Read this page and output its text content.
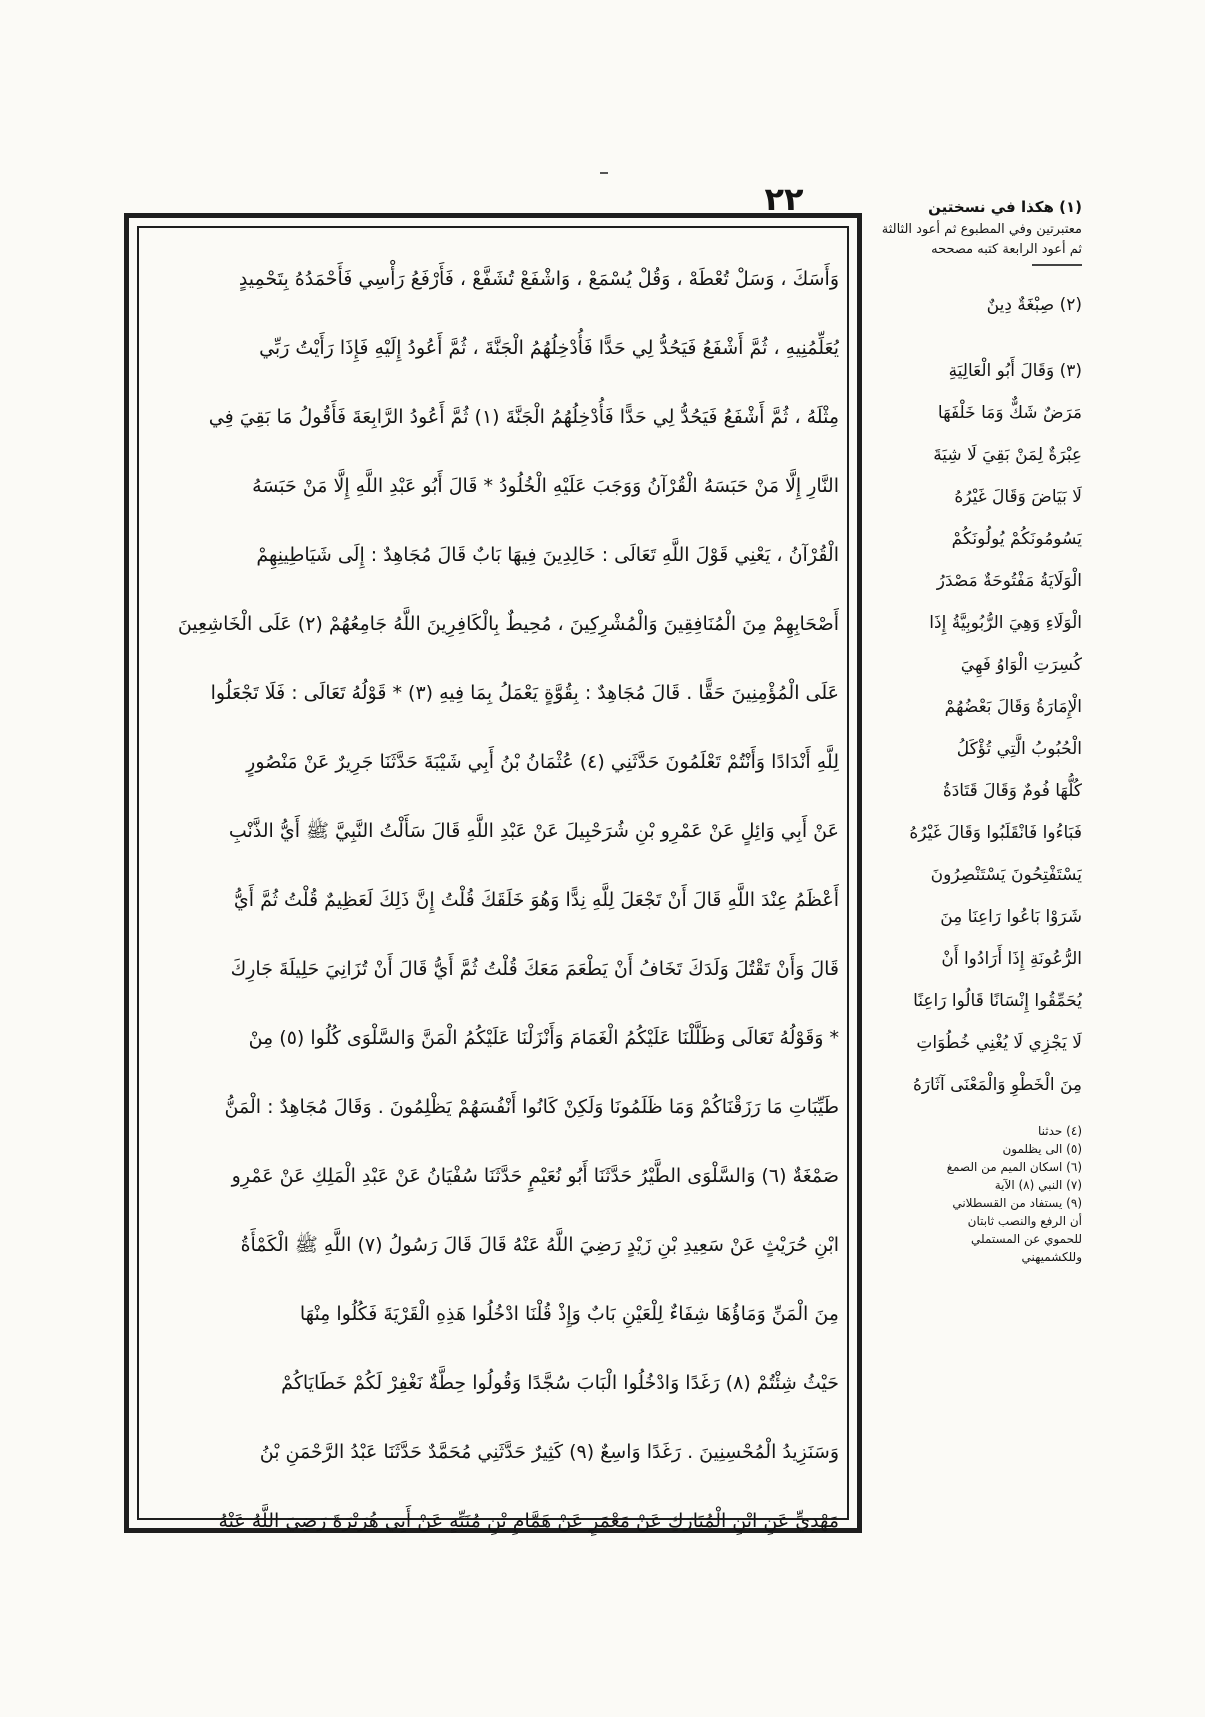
٢٢
وَأَسَكَ ، وَسَلْ تُعْطَهْ ، وَقُلْ يُسْمَعْ ، وَاشْفَعْ تُشَفَّعْ ، فَأَرْفَعُ رَأْسِي فَأَحْمَدُهُ بِتَحْمِيدٍ
يُعَلِّمُنِيهِ ، ثُمَّ أَشْفَعُ فَيَحُدُّ لِي حَدًّا فَأُدْخِلُهُمُ الْجَنَّةَ ، ثُمَّ أَعُودُ إِلَيْهِ فَإِذَا رَأَيْتُ رَبِّي
مِثْلَهُ ، ثُمَّ أَشْفَعُ فَيَحُدُّ لِي حَدًّا فَأُدْخِلُهُمُ الْجَنَّةَ (١) ثُمَّ أَعُودُ الرَّابِعَةَ فَأَقُولُ مَا بَقِيَ فِي
النَّارِ إِلَّا مَنْ حَبَسَهُ الْقُرْآنُ وَوَجَبَ عَلَيْهِ الْخُلُودُ * قَالَ أَبُو عَبْدِ اللَّهِ إِلَّا مَنْ حَبَسَهُ
الْقُرْآنُ ، يَعْنِي قَوْلَ اللَّهِ تَعَالَى : خَالِدِينَ فِيهَا بَابٌ قَالَ مُجَاهِدٌ : إِلَى شَيَاطِينِهِمْ
أَصْحَابِهِمْ مِنَ الْمُنَافِقِينَ وَالْمُشْرِكِينَ ، مُحِيطٌ بِالْكَافِرِينَ اللَّهُ جَامِعُهُمْ (٢) عَلَى الْخَاشِعِينَ
عَلَى الْمُؤْمِنِينَ حَقًّا . قَالَ مُجَاهِدٌ : بِقُوَّةٍ يَعْمَلُ بِمَا فِيهِ (٣) * قَوْلُهُ تَعَالَى : فَلَا تَجْعَلُوا
لِلَّهِ أَنْدَادًا وَأَنْتُمْ تَعْلَمُونَ حَدَّثَنِي (٤) عُثْمَانُ بْنُ أَبِي شَيْبَةَ حَدَّثَنَا جَرِيرٌ عَنْ مَنْصُورٍ
عَنْ أَبِي وَائِلٍ عَنْ عَمْرِو بْنِ شُرَحْبِيلَ عَنْ عَبْدِ اللَّهِ قَالَ سَأَلْتُ النَّبِيَّ ﷺ أَيُّ الذَّنْبِ
أَعْظَمُ عِنْدَ اللَّهِ قَالَ أَنْ تَجْعَلَ لِلَّهِ نِدًّا وَهُوَ خَلَقَكَ قُلْتُ إِنَّ ذَلِكَ لَعَظِيمٌ قُلْتُ ثُمَّ أَيُّ
قَالَ وَأَنْ تَقْتُلَ وَلَدَكَ تَخَافُ أَنْ يَطْعَمَ مَعَكَ قُلْتُ ثُمَّ أَيُّ قَالَ أَنْ تُزَانِيَ حَلِيلَةَ جَارِكَ
* وَقَوْلُهُ تَعَالَى وَظَلَّلْنَا عَلَيْكُمُ الْغَمَامَ وَأَنْزَلْنَا عَلَيْكُمُ الْمَنَّ وَالسَّلْوَى كُلُوا (٥) مِنْ
طَيِّبَاتِ مَا رَزَقْنَاكُمْ وَمَا ظَلَمُونَا وَلَكِنْ كَانُوا أَنْفُسَهُمْ يَظْلِمُونَ . وَقَالَ مُجَاهِدٌ : الْمَنُّ
صَمْغَةٌ (٦) وَالسَّلْوَى الطَّيْرُ حَدَّثَنَا أَبُو نُعَيْمٍ حَدَّثَنَا سُفْيَانُ عَنْ عَبْدِ الْمَلِكِ عَنْ عَمْرِو
ابْنِ حُرَيْثٍ عَنْ سَعِيدِ بْنِ زَيْدٍ رَضِيَ اللَّهُ عَنْهُ قَالَ قَالَ رَسُولُ (٧) اللَّهِ ﷺ الْكَمْأَةُ
مِنَ الْمَنِّ وَمَاؤُهَا شِفَاءٌ لِلْعَيْنِ بَابٌ وَإِذْ قُلْنَا ادْخُلُوا هَذِهِ الْقَرْيَةَ فَكُلُوا مِنْهَا
حَيْثُ شِئْتُمْ (٨) رَغَدًا وَادْخُلُوا الْبَابَ سُجَّدًا وَقُولُوا حِطَّةٌ نَغْفِرْ لَكُمْ خَطَايَاكُمْ
وَسَنَزِيدُ الْمُحْسِنِينَ . رَغَدًا وَاسِعٌ (٩) كَثِيرٌ حَدَّثَنِي مُحَمَّدٌ حَدَّثَنَا عَبْدُ الرَّحْمَنِ بْنُ
مَهْدِيٍّ عَنِ ابْنِ الْمُبَارَكِ عَنْ مَعْمَرٍ عَنْ هَمَّامِ بْنِ مُنَبِّهٍ عَنْ أَبِي هُرَيْرَةَ رَضِيَ اللَّهُ عَنْهُ
(١) هكذا في نسختين
معتبرتين وفي المطبوع ثم أعود الثالثة ثم أعود الرابعة كتبه مصححه
(٢) صِبْغَةٌ دِينٌ
(٣) وَقَالَ أَبُو الْعَالِيَةِ
مَرَضٌ شَكٌّ وَمَا خَلْفَهَا
عِبْرَةٌ لِمَنْ بَقِيَ لَا شِيَةَ
لَا بَيَاضَ وَقَالَ غَيْرُهُ
يَسُومُونَكُمْ يُولُونَكُمْ
الْوَلَايَةُ مَفْتُوحَةٌ مَصْدَرُ
الْوَلَاءِ وَهِيَ الرُّبُوبِيَّةُ إِذَا
كُسِرَتِ الْوَاوُ فَهِيَ
الْإِمَارَةُ وَقَالَ بَعْضُهُمْ
الْحُبُوبُ الَّتِي تُؤْكَلُ
كُلُّهَا فُومٌ وَقَالَ قَتَادَةُ
فَبَاءُوا فَانْقَلَبُوا وَقَالَ غَيْرُهُ
يَسْتَفْتِحُونَ يَسْتَنْصِرُونَ
شَرَوْا بَاعُوا رَاعِنَا مِنَ
الرُّعُونَةِ إِذَا أَرَادُوا أَنْ
يُحَمِّقُوا إِنْسَانًا قَالُوا رَاعِنًا
لَا يَجْزِي لَا يُغْنِي خُطُوَاتِ
مِنَ الْخَطْوِ وَالْمَعْنَى آثَارَهُ
(٤) حدثنا
(٥) الى يظلمون
(٦) اسكان الميم من الصمغ
(٧) النبي (٨) الآية
(٩) يستفاد من القسطلاني
أن الرفع والنصب ثابتان
للحموي عن المستملي
وللكشميهني
